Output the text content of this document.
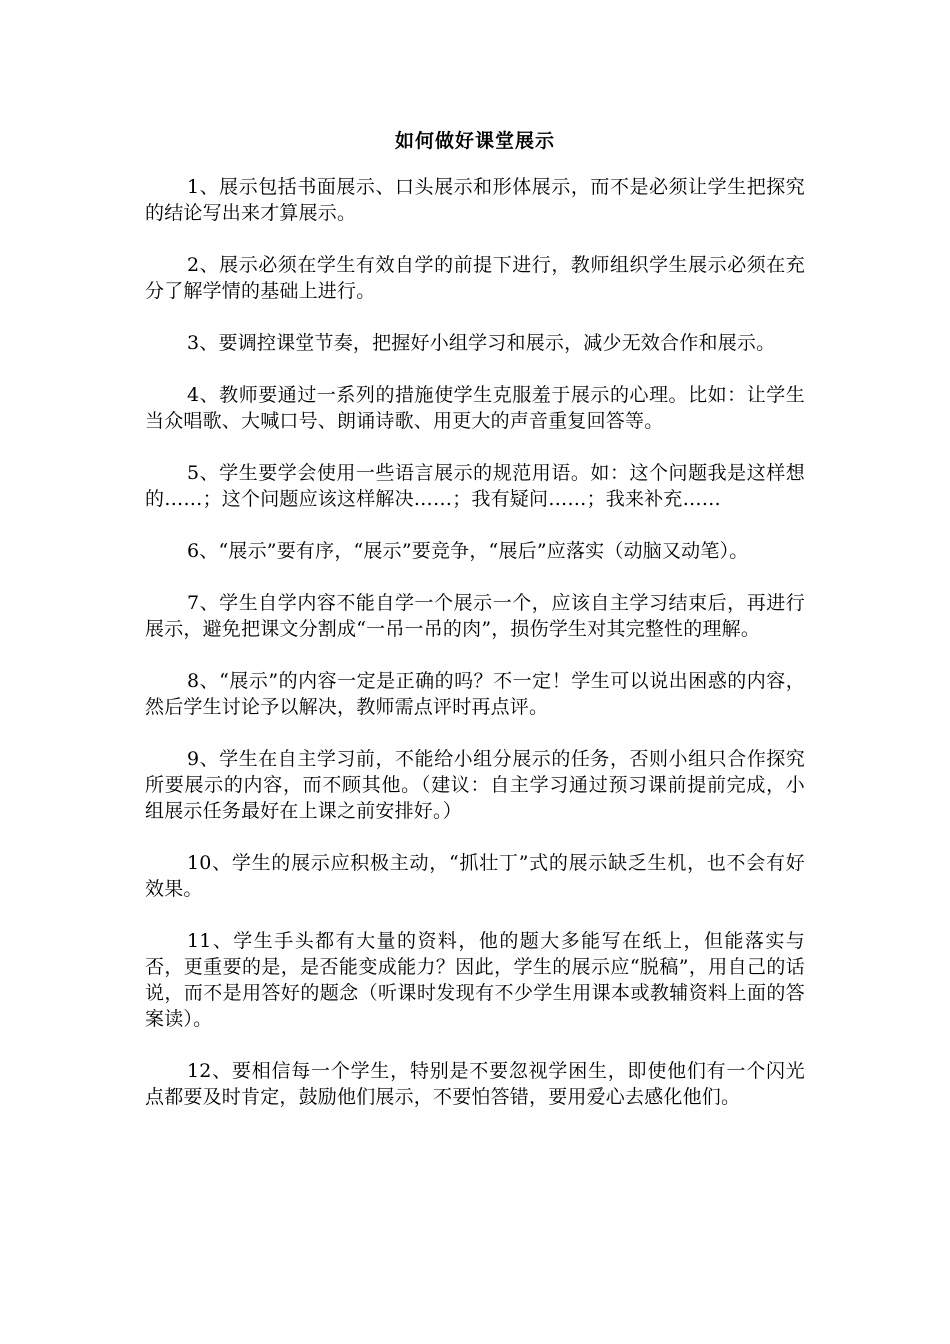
如何做好课堂展示

1、展示包括书面展示、口头展示和形体展示，而不是必须让学生把探究的结论写出来才算展示。

2、展示必须在学生有效自学的前提下进行，教师组织学生展示必须在充分了解学情的基础上进行。

3、要调控课堂节奏，把握好小组学习和展示，减少无效合作和展示。

4、教师要通过一系列的措施使学生克服羞于展示的心理。比如：让学生当众唱歌、大喊口号、朗诵诗歌、用更大的声音重复回答等。

5、学生要学会使用一些语言展示的规范用语。如：这个问题我是这样想的……；这个问题应该这样解决……；我有疑问……；我来补充……

6、“展示”要有序，“展示”要竞争，“展后”应落实（动脑又动笔）。

7、学生自学内容不能自学一个展示一个，应该自主学习结束后，再进行展示，避免把课文分割成“一吊一吊的肉”，损伤学生对其完整性的理解。

8、“展示”的内容一定是正确的吗？不一定！学生可以说出困惑的内容，然后学生讨论予以解决，教师需点评时再点评。

9、学生在自主学习前，不能给小组分展示的任务，否则小组只合作探究所要展示的内容，而不顾其他。（建议：自主学习通过预习课前提前完成，小组展示任务最好在上课之前安排好。）

10、学生的展示应积极主动，“抓壮丁”式的展示缺乏生机，也不会有好效果。

11、学生手头都有大量的资料，他的题大多能写在纸上，但能落实与否，更重要的是，是否能变成能力？因此，学生的展示应“脱稿”，用自己的话说，而不是用答好的题念（听课时发现有不少学生用课本或教辅资料上面的答案读）。

12、要相信每一个学生，特别是不要忽视学困生，即使他们有一个闪光点都要及时肯定，鼓励他们展示，不要怕答错，要用爱心去感化他们。
